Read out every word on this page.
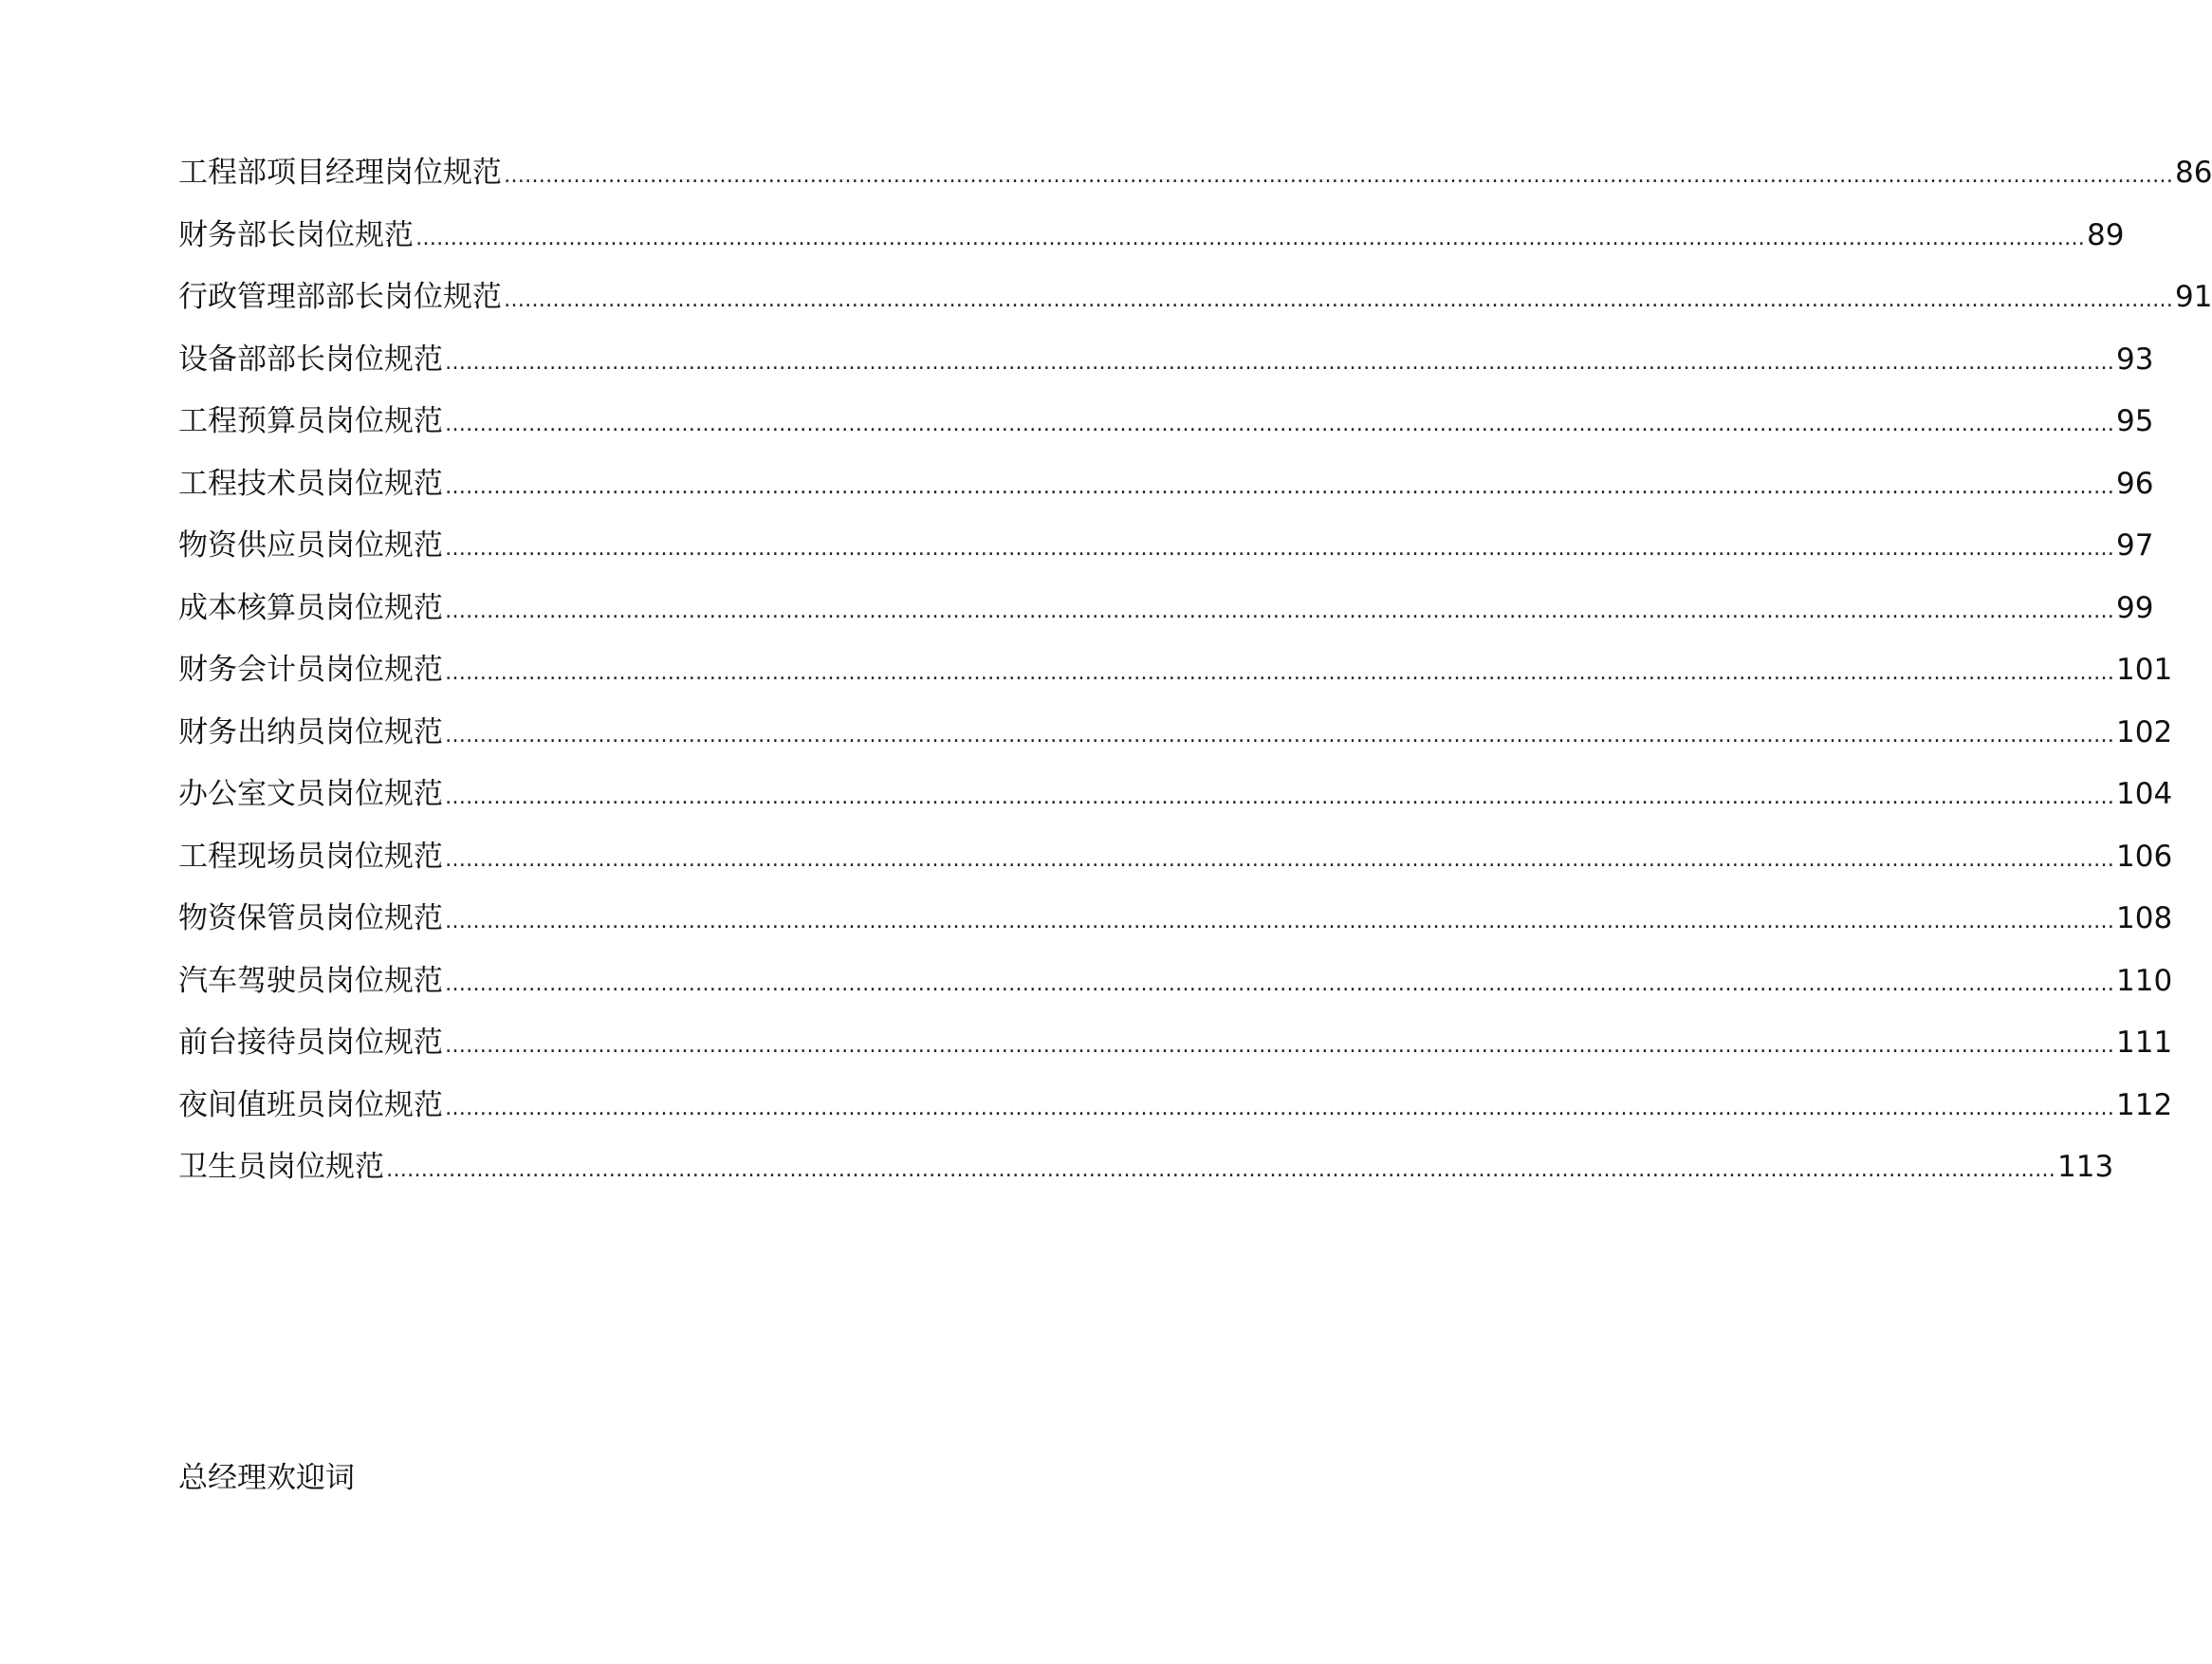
工程部项目经理岗位规范 …………………………………………………………………………………………………………………………………………………………………………………………………………………… 86
财务部长岗位规范 …………………………………………………………………………………………………………………………………………………………………………………………………………………… 89
行政管理部部长岗位规范 …………………………………………………………………………………………………………………………………………………………………………………………………………………… 91
设备部部长岗位规范 …………………………………………………………………………………………………………………………………………………………………………………………………………………… 93
工程预算员岗位规范 …………………………………………………………………………………………………………………………………………………………………………………………………………………… 95
工程技术员岗位规范 …………………………………………………………………………………………………………………………………………………………………………………………………………………… 96
物资供应员岗位规范 …………………………………………………………………………………………………………………………………………………………………………………………………………………… 97
成本核算员岗位规范 …………………………………………………………………………………………………………………………………………………………………………………………………………………… 99
财务会计员岗位规范 …………………………………………………………………………………………………………………………………………………………………………………………………………………… 101
财务出纳员岗位规范 …………………………………………………………………………………………………………………………………………………………………………………………………………………… 102
办公室文员岗位规范 …………………………………………………………………………………………………………………………………………………………………………………………………………………… 104
工程现场员岗位规范 …………………………………………………………………………………………………………………………………………………………………………………………………………………… 106
物资保管员岗位规范 …………………………………………………………………………………………………………………………………………………………………………………………………………………… 108
汽车驾驶员岗位规范 …………………………………………………………………………………………………………………………………………………………………………………………………………………… 110
前台接待员岗位规范 …………………………………………………………………………………………………………………………………………………………………………………………………………………… 111
夜间值班员岗位规范 …………………………………………………………………………………………………………………………………………………………………………………………………………………… 112
卫生员岗位规范 …………………………………………………………………………………………………………………………………………………………………………………………………………………… 113
总经理欢迎词
